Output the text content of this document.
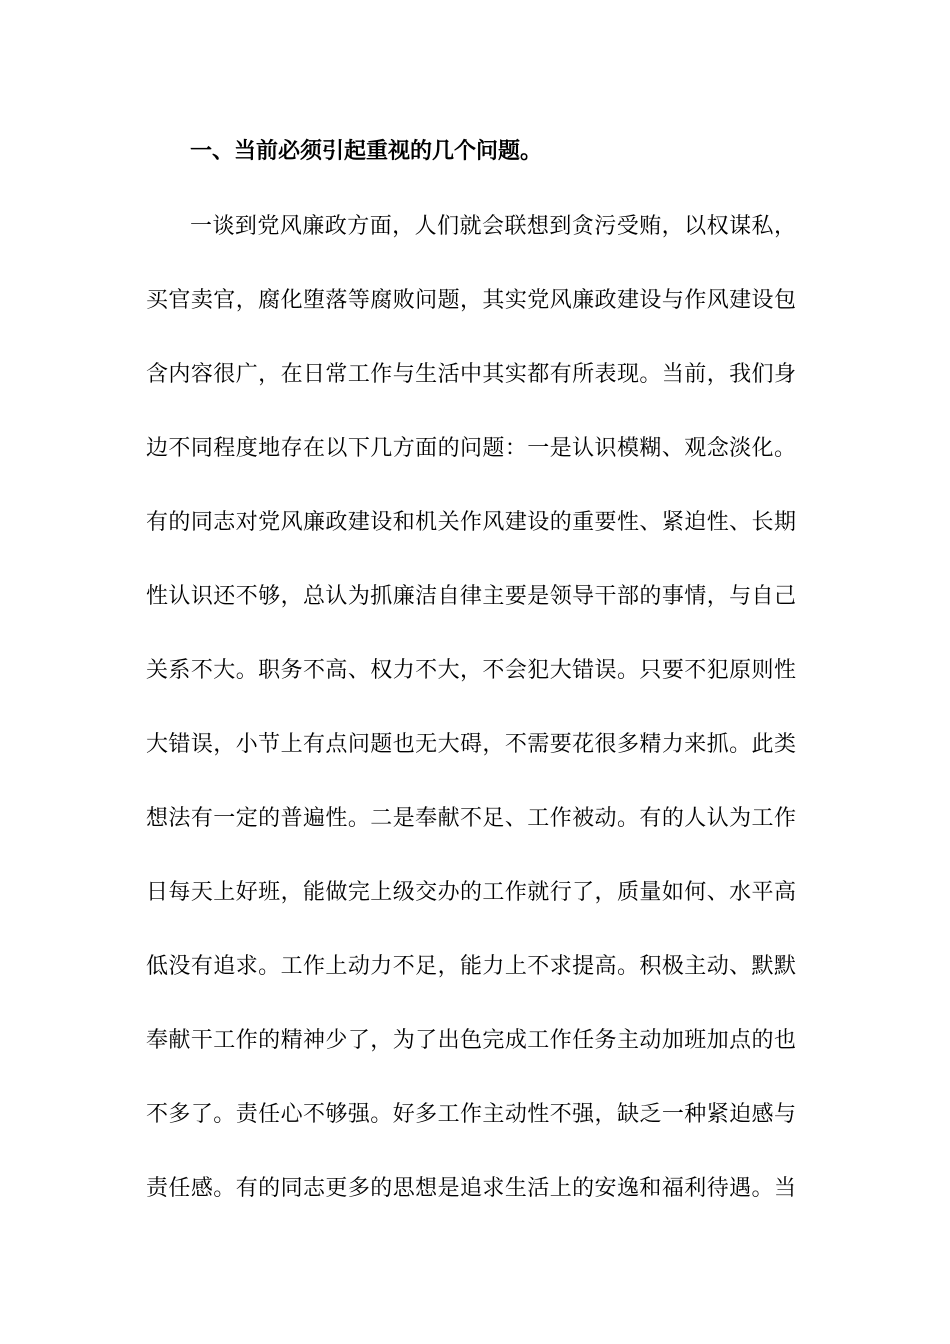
一、当前必须引起重视的几个问题。
一谈到党风廉政方面，人们就会联想到贪污受贿，以权谋私，
买官卖官，腐化堕落等腐败问题，其实党风廉政建设与作风建设包
含内容很广，在日常工作与生活中其实都有所表现。当前，我们身
边不同程度地存在以下几方面的问题：一是认识模糊、观念淡化。
有的同志对党风廉政建设和机关作风建设的重要性、紧迫性、长期
性认识还不够，总认为抓廉洁自律主要是领导干部的事情，与自己
关系不大。职务不高、权力不大，不会犯大错误。只要不犯原则性
大错误，小节上有点问题也无大碍，不需要花很多精力来抓。此类
想法有一定的普遍性。二是奉献不足、工作被动。有的人认为工作
日每天上好班，能做完上级交办的工作就行了，质量如何、水平高
低没有追求。工作上动力不足，能力上不求提高。积极主动、默默
奉献干工作的精神少了，为了出色完成工作任务主动加班加点的也
不多了。责任心不够强。好多工作主动性不强，缺乏一种紧迫感与
责任感。有的同志更多的思想是追求生活上的安逸和福利待遇。当
